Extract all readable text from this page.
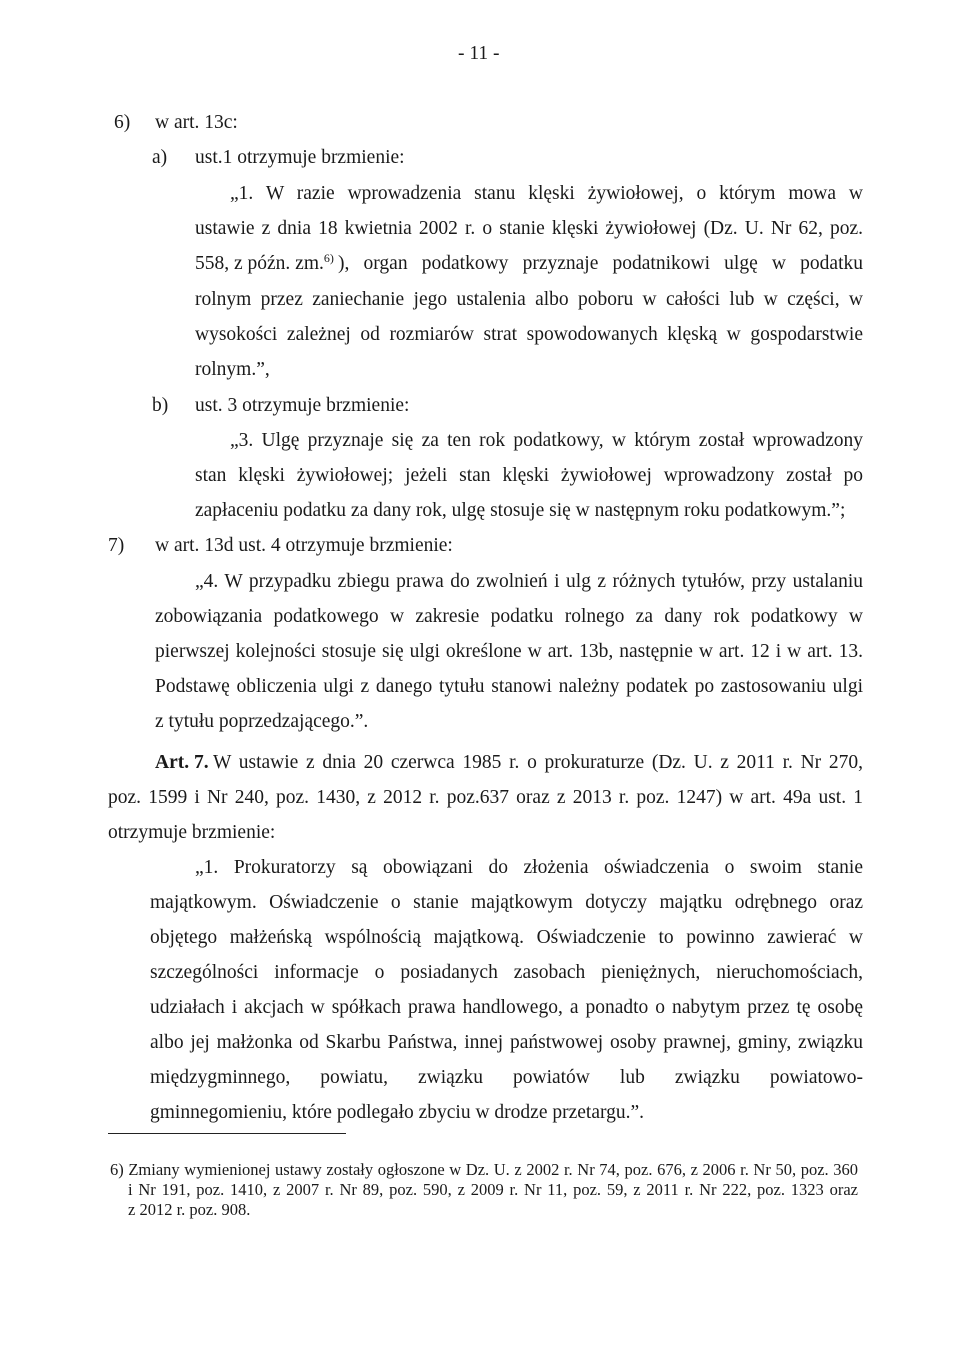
- 11 -
6) w art. 13c:
a) ust.1 otrzymuje brzmienie:
„1. W razie wprowadzenia stanu klęski żywiołowej, o którym mowa w
ustawie z dnia 18 kwietnia 2002 r. o stanie klęski żywiołowej (Dz. U. Nr 62, poz.
558, z późn. zm.$^{6)}$ ), organ podatkowy przyznaje podatnikowi ulgę w podatku
rolnym przez zaniechanie jego ustalenia albo poboru w całości lub w części, w
wysokości zależnej od rozmiarów strat spowodowanych klęską w gospodarstwie
rolnym.”,
b) ust. 3 otrzymuje brzmienie:
„3. Ulgę przyznaje się za ten rok podatkowy, w którym został wprowadzony
stan klęski żywiołowej; jeżeli stan klęski żywiołowej wprowadzony został po
zapłaceniu podatku za dany rok, ulgę stosuje się w następnym roku podatkowym.”;
7) w art. 13d ust. 4 otrzymuje brzmienie:
„4. W przypadku zbiegu prawa do zwolnień i ulg z różnych tytułów, przy ustalaniu
zobowiązania podatkowego w zakresie podatku rolnego za dany rok podatkowy w
pierwszej kolejności stosuje się ulgi określone w art. 13b, następnie w art. 12 i w art. 13.
Podstawę obliczenia ulgi z danego tytułu stanowi należny podatek po zastosowaniu ulgi
z tytułu poprzedzającego.”.
Art. 7. W ustawie z dnia 20 czerwca 1985 r. o prokuraturze (Dz. U. z 2011 r. Nr 270,
poz. 1599 i Nr 240, poz. 1430, z 2012 r. poz.637 oraz z 2013 r. poz. 1247) w art. 49a ust. 1
otrzymuje brzmienie:
„1. Prokuratorzy są obowiązani do złożenia oświadczenia o swoim stanie
majątkowym. Oświadczenie o stanie majątkowym dotyczy majątku odrębnego oraz
objętego małżeńską wspólnością majątkową. Oświadczenie to powinno zawierać w
szczególności informacje o posiadanych zasobach pieniężnych, nieruchomościach,
udziałach i akcjach w spółkach prawa handlowego, a ponadto o nabytym przez tę osobę
albo jej małżonka od Skarbu Państwa, innej państwowej osoby prawnej, gminy, związku
międzygminnego, powiatu, związku powiatów lub związku powiatowo-
gminnegomieniu, które podlegało zbyciu w drodze przetargu.”.
6) Zmiany wymienionej ustawy zostały ogłoszone w Dz. U. z 2002 r. Nr 74, poz. 676, z 2006 r. Nr 50, poz. 360
i Nr 191, poz. 1410, z 2007 r. Nr 89, poz. 590, z 2009 r. Nr 11, poz. 59, z 2011 r. Nr 222, poz. 1323 oraz
z 2012 r. poz. 908.
